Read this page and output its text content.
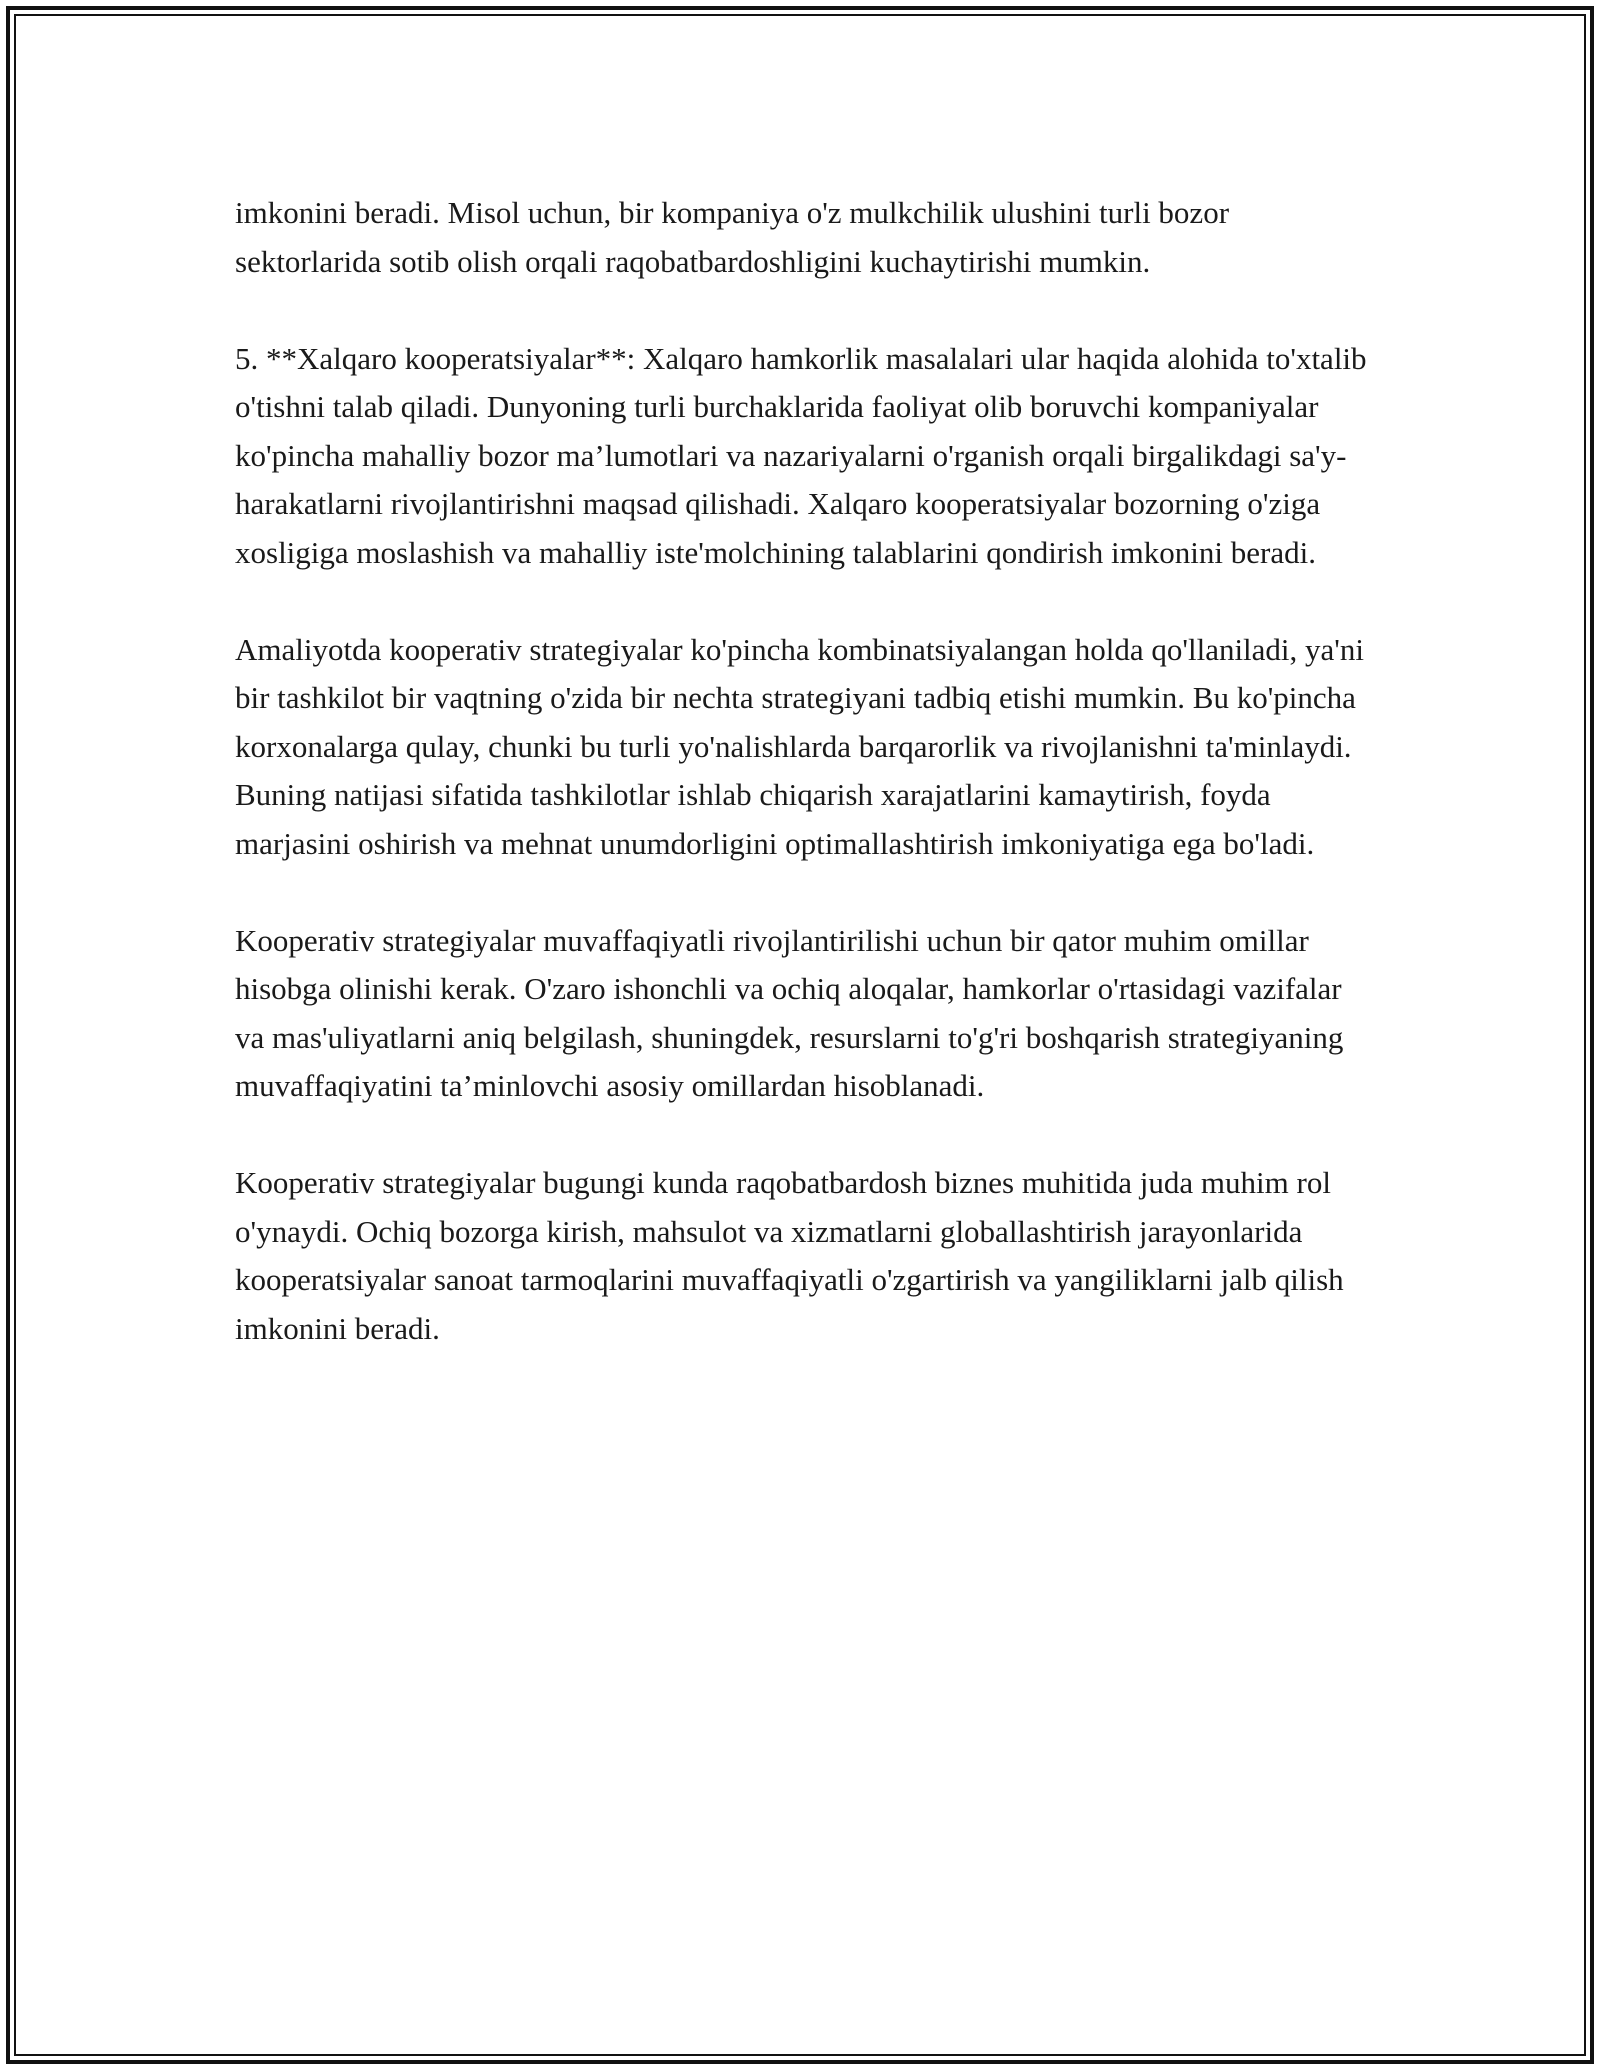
imkonini beradi. Misol uchun, bir kompaniya o'z mulkchilik ulushini turli bozor sektorlarida sotib olish orqali raqobatbardoshligini kuchaytirishi mumkin.

5. **Xalqaro kooperatsiyalar**: Xalqaro hamkorlik masalalari ular haqida alohida to'xtalib o'tishni talab qiladi. Dunyoning turli burchaklarida faoliyat olib boruvchi kompaniyalar ko'pincha mahalliy bozor ma’lumotlari va nazariyalarni o'rganish orqali birgalikdagi sa'y-harakatlarni rivojlantirishni maqsad qilishadi. Xalqaro kooperatsiyalar bozorning o'ziga xosligiga moslashish va mahalliy iste'molchining talablarini qondirish imkonini beradi.

Amaliyotda kooperativ strategiyalar ko'pincha kombinatsiyalangan holda qo'llaniladi, ya'ni bir tashkilot bir vaqtning o'zida bir nechta strategiyani tadbiq etishi mumkin. Bu ko'pincha korxonalarga qulay, chunki bu turli yo'nalishlarda barqarorlik va rivojlanishni ta'minlaydi. Buning natijasi sifatida tashkilotlar ishlab chiqarish xarajatlarini kamaytirish, foyda marjasini oshirish va mehnat unumdorligini optimallashtirish imkoniyatiga ega bo'ladi.

Kooperativ strategiyalar muvaffaqiyatli rivojlantirilishi uchun bir qator muhim omillar hisobga olinishi kerak. O'zaro ishonchli va ochiq aloqalar, hamkorlar o'rtasidagi vazifalar va mas'uliyatlarni aniq belgilash, shuningdek, resurslarni to'g'ri boshqarish strategiyaning muvaffaqiyatini ta’minlovchi asosiy omillardan hisoblanadi.

Kooperativ strategiyalar bugungi kunda raqobatbardosh biznes muhitida juda muhim rol o'ynaydi. Ochiq bozorga kirish, mahsulot va xizmatlarni globallashtirish jarayonlarida kooperatsiyalar sanoat tarmoqlarini muvaffaqiyatli o'zgartirish va yangiliklarni jalb qilish imkonini beradi.
